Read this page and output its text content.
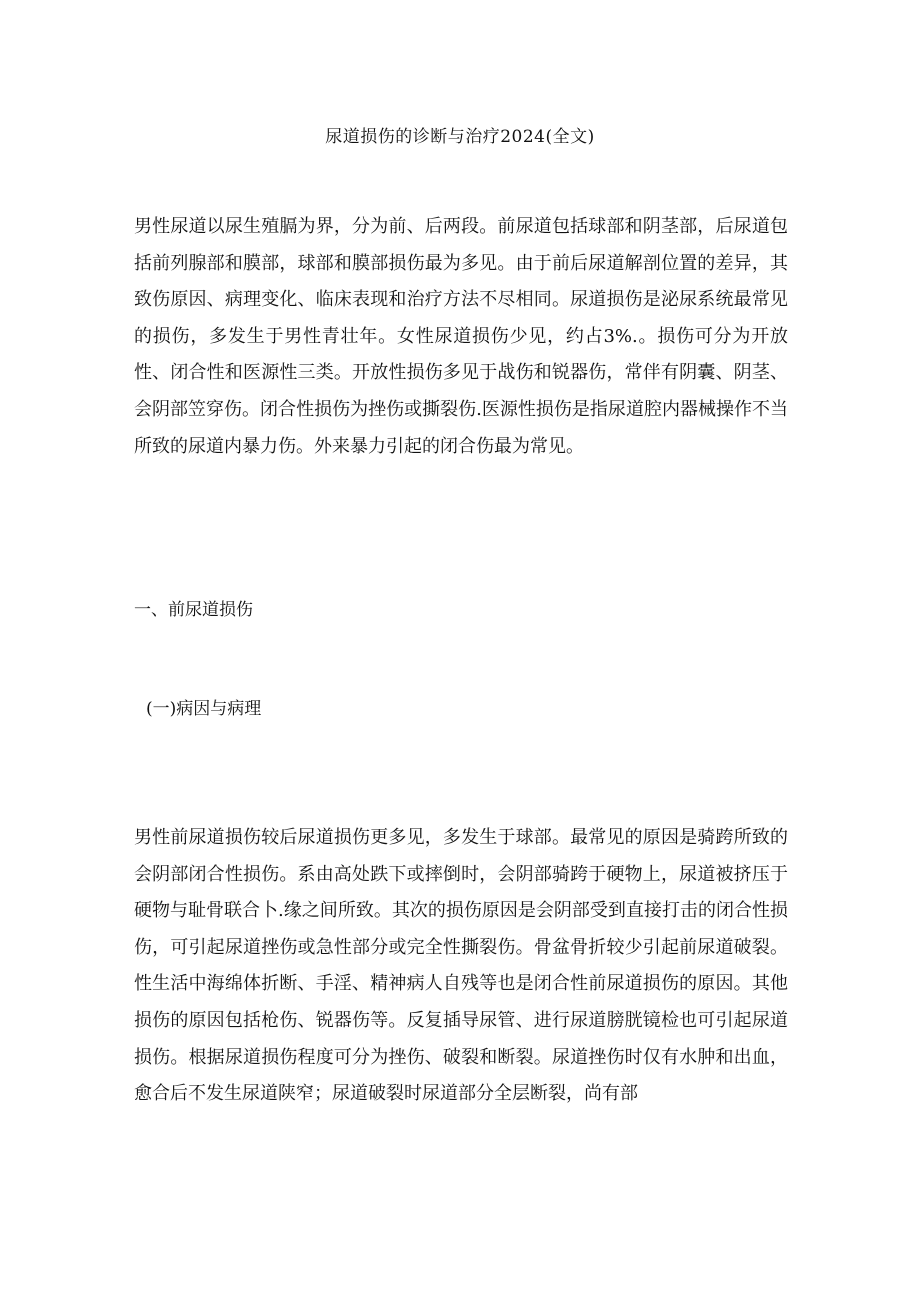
尿道损伤的诊断与治疗2024(全文)

男性尿道以尿生殖膈为界，分为前、后两段。前尿道包括球部和阴茎部，后尿道包括前列腺部和膜部，球部和膜部损伤最为多见。由于前后尿道解剖位置的差异，其致伤原因、病理变化、临床表现和治疗方法不尽相同。尿道损伤是泌尿系统最常见的损伤，多发生于男性青壮年。女性尿道损伤少见，约占3%.。损伤可分为开放性、闭合性和医源性三类。开放性损伤多见于战伤和锐器伤，常伴有阴囊、阴茎、会阴部笠穿伤。闭合性损伤为挫伤或撕裂伤.医源性损伤是指尿道腔内器械操作不当所致的尿道内暴力伤。外来暴力引起的闭合伤最为常见。

一、前尿道损伤
(一)病因与病理

男性前尿道损伤较后尿道损伤更多见，多发生于球部。最常见的原因是骑跨所致的会阴部闭合性损伤。系由高处跌下或摔倒时，会阴部骑跨于硬物上，尿道被挤压于硬物与耻骨联合卜.缘之间所致。其次的损伤原因是会阴部受到直接打击的闭合性损伤，可引起尿道挫伤或急性部分或完全性撕裂伤。骨盆骨折较少引起前尿道破裂。性生活中海绵体折断、手淫、精神病人自残等也是闭合性前尿道损伤的原因。其他损伤的原因包括枪伤、锐器伤等。反复插导尿管、进行尿道膀胱镜检也可引起尿道损伤。根据尿道损伤程度可分为挫伤、破裂和断裂。尿道挫伤时仅有水肿和出血，愈合后不发生尿道陕窄；尿道破裂时尿道部分全层断裂，尚有部
